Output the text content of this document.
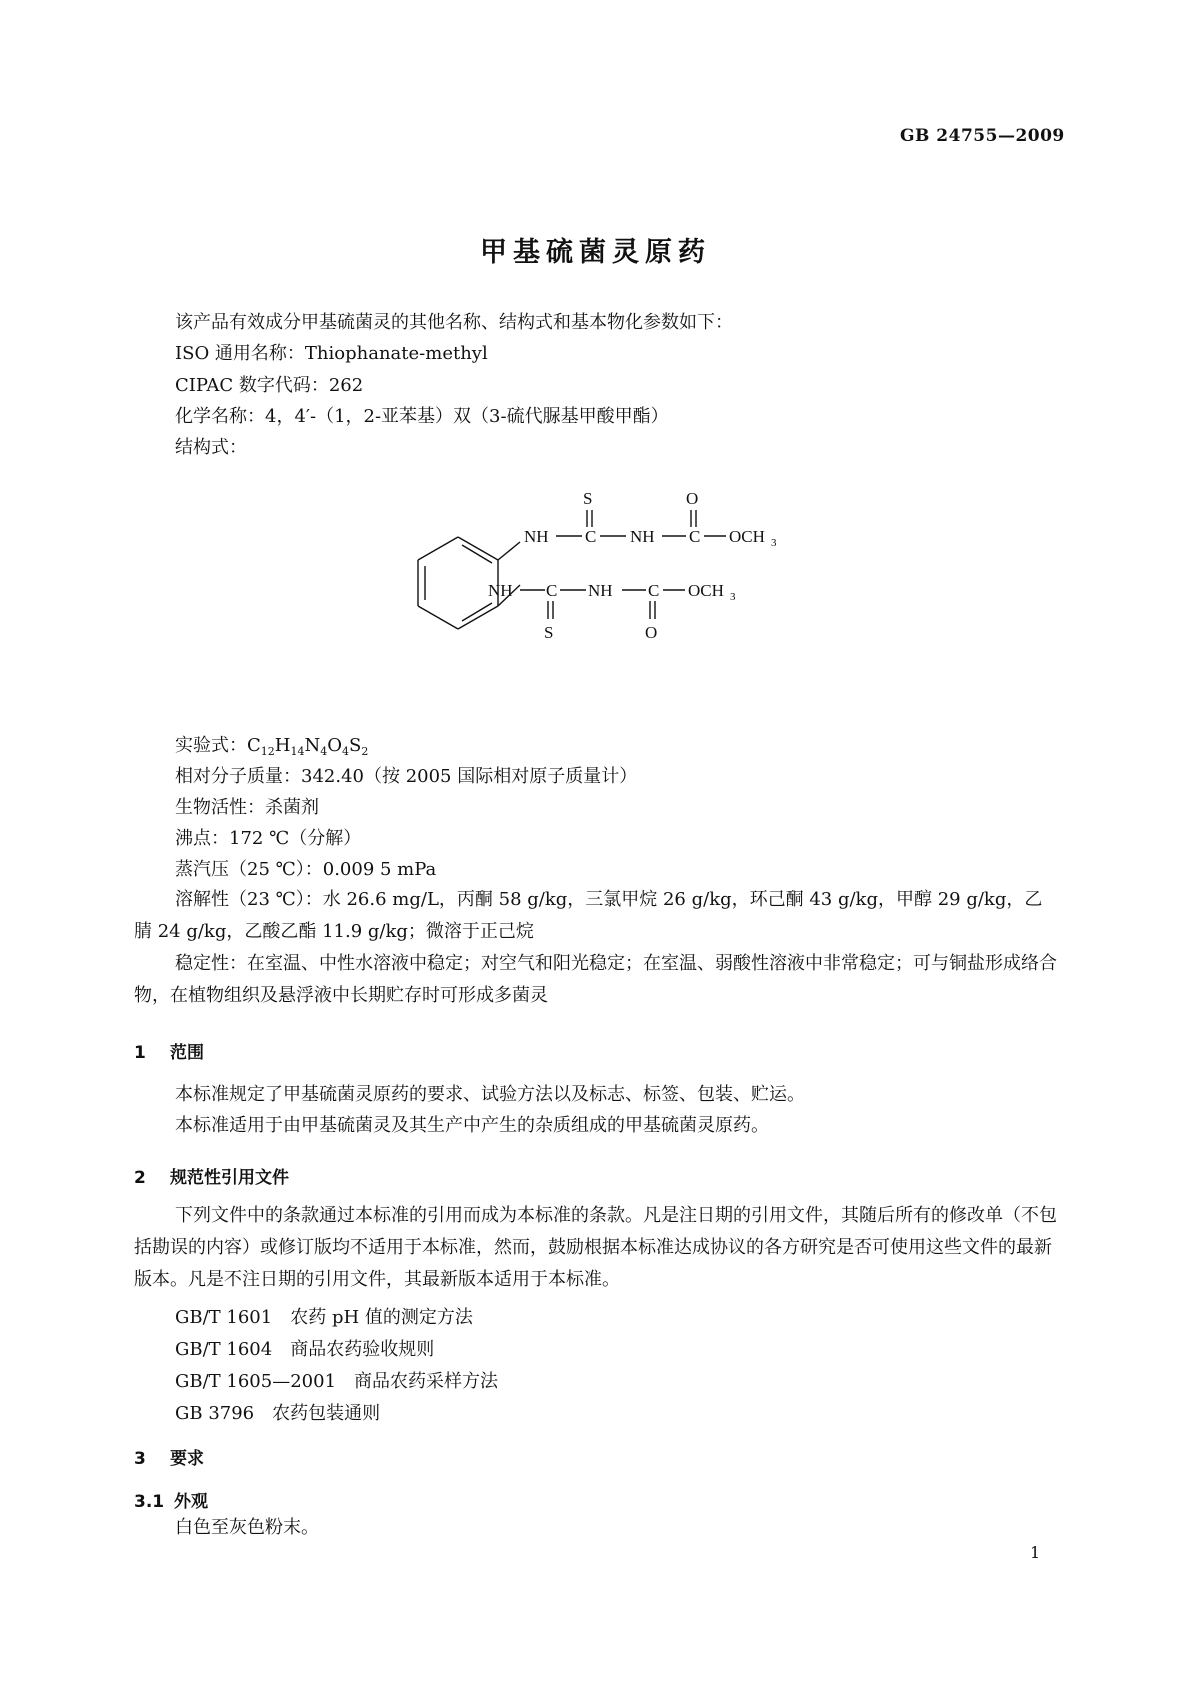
GB 24755—2009
甲基硫菌灵原药
该产品有效成分甲基硫菌灵的其他名称、结构式和基本物化参数如下：
ISO 通用名称：Thiophanate-methyl
CIPAC 数字代码：262
化学名称：4，4′-（1，2-亚苯基）双（3-硫代脲基甲酸甲酯）
结构式：
NH C
S
NH C
O
OCH 3
NH C
S
NH C
O
OCH 3
实验式：$C_{12}H_{14}N_4O_4S_2$
相对分子质量：342.40（按 2005 国际相对原子质量计）
生物活性：杀菌剂
沸点：172 ℃（分解）
蒸汽压（25 ℃）：0.009 5 mPa
溶解性（23 ℃）：水 26.6 mg/L，丙酮 58 g/kg，三氯甲烷 26 g/kg，环己酮 43 g/kg，甲醇 29 g/kg，乙腈 24 g/kg，乙酸乙酯 11.9 g/kg；微溶于正己烷
稳定性：在室温、中性水溶液中稳定；对空气和阳光稳定；在室温、弱酸性溶液中非常稳定；可与铜盐形成络合物，在植物组织及悬浮液中长期贮存时可形成多菌灵
1 范围
本标准规定了甲基硫菌灵原药的要求、试验方法以及标志、标签、包装、贮运。
本标准适用于由甲基硫菌灵及其生产中产生的杂质组成的甲基硫菌灵原药。
2 规范性引用文件
下列文件中的条款通过本标准的引用而成为本标准的条款。凡是注日期的引用文件，其随后所有的修改单（不包括勘误的内容）或修订版均不适用于本标准，然而，鼓励根据本标准达成协议的各方研究是否可使用这些文件的最新版本。凡是不注日期的引用文件，其最新版本适用于本标准。
GB/T 1601 农药 pH 值的测定方法
GB/T 1604 商品农药验收规则
GB/T 1605—2001 商品农药采样方法
GB 3796 农药包装通则
3 要求
3.1 外观
白色至灰色粉末。
1
